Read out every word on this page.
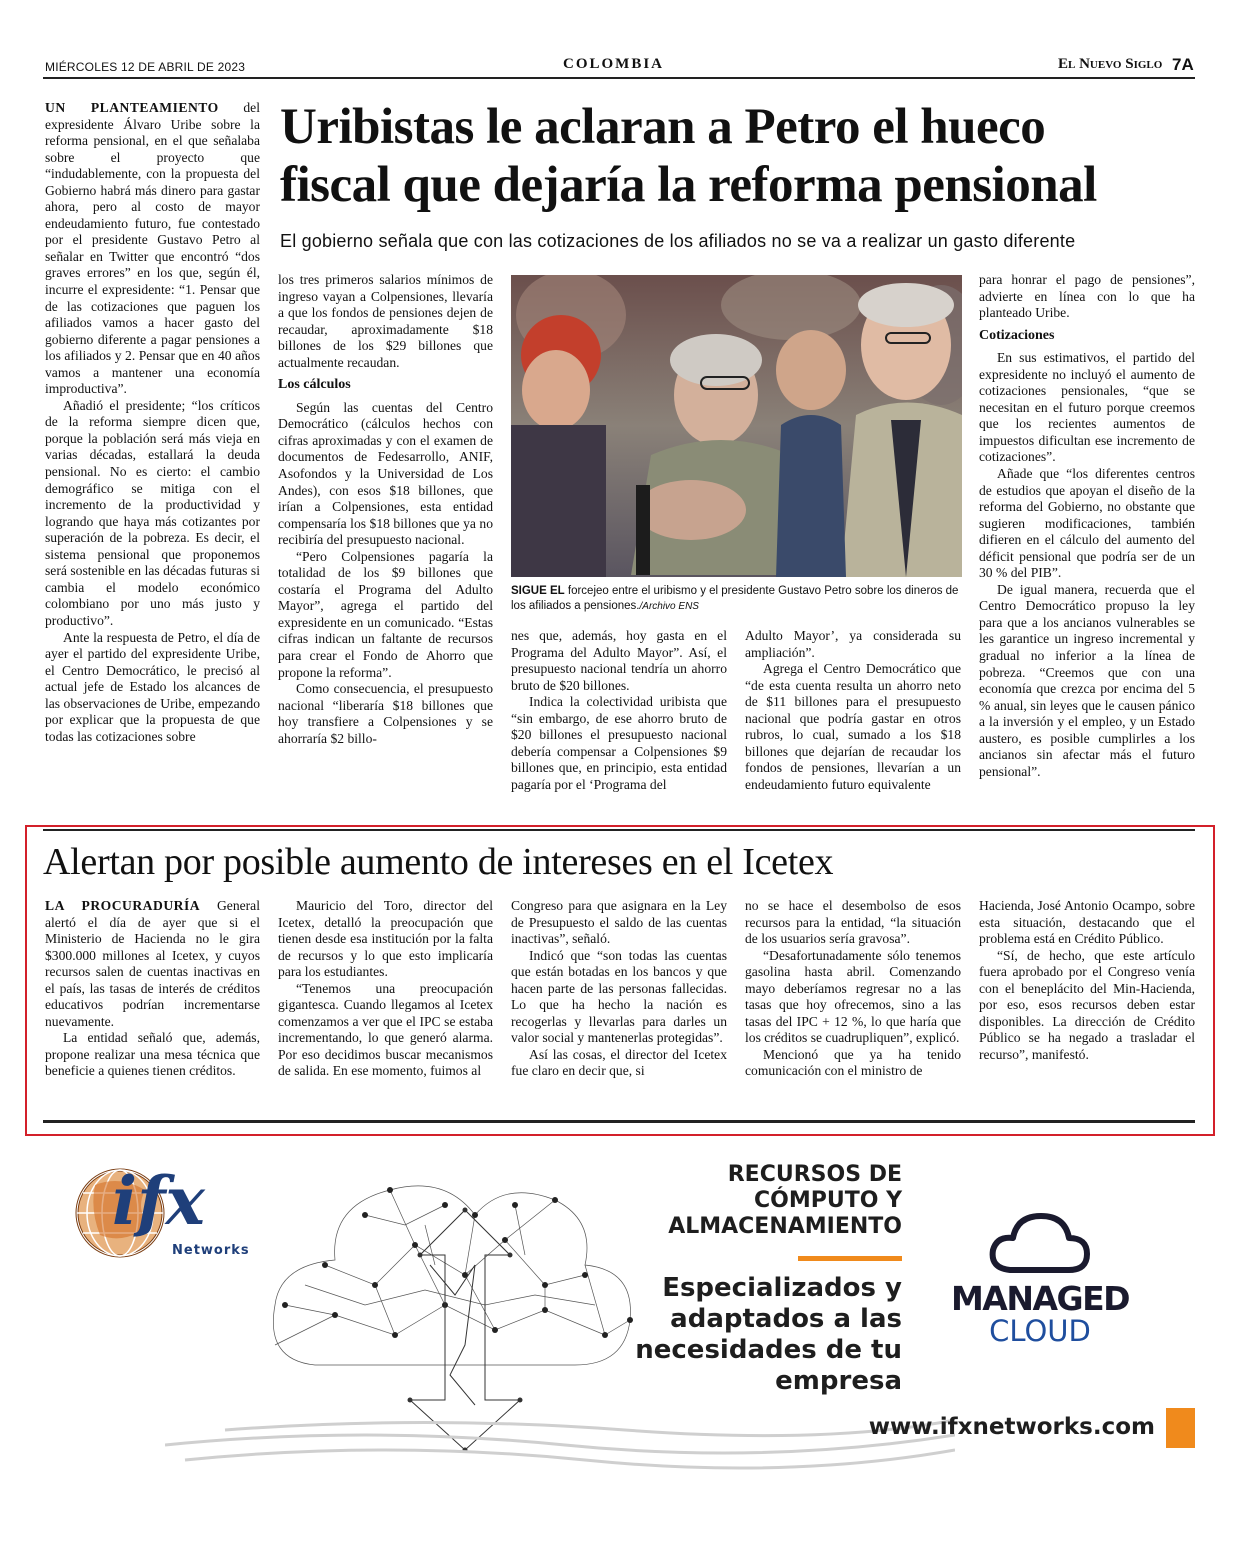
MIÉRCOLES 12 DE ABRIL DE 2023	COLOMBIA	El Nuevo Siglo 7A

UN PLANTEAMIENTO del expresidente Álvaro Uribe sobre la reforma pensional, en el que señalaba sobre el proyecto que “indudablemente, con la propuesta del Gobierno habrá más dinero para gastar ahora, pero al costo de mayor endeudamiento futuro, fue contestado por el presidente Gustavo Petro al señalar en Twitter que encontró “dos graves errores” en los que, según él, incurre el expresidente: “1. Pensar que de las cotizaciones que paguen los afiliados vamos a hacer gasto del gobierno diferente a pagar pensiones a los afiliados y 2. Pensar que en 40 años vamos a mantener una economía improductiva”.

Añadió el presidente; “los críticos de la reforma siempre dicen que, porque la población será más vieja en varias décadas, estallará la deuda pensional. No es cierto: el cambio demográfico se mitiga con el incremento de la productividad y logrando que haya más cotizantes por superación de la pobreza. Es decir, el sistema pensional que proponemos será sostenible en las décadas futuras si cambia el modelo económico colombiano por uno más justo y productivo”.

Ante la respuesta de Petro, el día de ayer el partido del expresidente Uribe, el Centro Democrático, le precisó al actual jefe de Estado los alcances de las observaciones de Uribe, empezando por explicar que la propuesta de que todas las cotizaciones sobre

Uribistas le aclaran a Petro el hueco
fiscal que dejaría la reforma pensional
El gobierno señala que con las cotizaciones de los afiliados no se va a realizar un gasto diferente

los tres primeros salarios mínimos de ingreso vayan a Colpensiones, llevaría a que los fondos de pensiones dejen de recaudar, aproximadamente $18 billones de los $29 billones que actualmente recaudan.

Los cálculos

Según las cuentas del Centro Democrático (cálculos hechos con cifras aproximadas y con el examen de documentos de Fedesarrollo, ANIF, Asofondos y la Universidad de Los Andes), con esos $18 billones, que irían a Colpensiones, esta entidad compensaría los $18 billones que ya no recibiría del presupuesto nacional.

“Pero Colpensiones pagaría la totalidad de los $9 billones que costaría el Programa del Adulto Mayor”, agrega el partido del expresidente en un comunicado. “Estas cifras indican un faltante de recursos para crear el Fondo de Ahorro que propone la reforma”.

Como consecuencia, el presupuesto nacional “liberaría $18 billones que hoy transfiere a Colpensiones y se ahorraría $2 billo-

SIGUE EL forcejeo entre el uribismo y el presidente Gustavo Petro sobre los dineros de los afiliados a pensiones./Archivo ENS

nes que, además, hoy gasta en el Programa del Adulto Mayor”. Así, el presupuesto nacional tendría un ahorro bruto de $20 billones.

Indica la colectividad uribista que “sin embargo, de ese ahorro bruto de $20 billones el presupuesto nacional debería compensar a Colpensiones $9 billones que, en principio, esta entidad pagaría por el ‘Programa del

Adulto Mayor’, ya considerada su ampliación”.

Agrega el Centro Democrático que “de esta cuenta resulta un ahorro neto de $11 billones para el presupuesto nacional que podría gastar en otros rubros, lo cual, sumado a los $18 billones que dejarían de recaudar los fondos de pensiones, llevarían a un endeudamiento futuro equivalente

para honrar el pago de pensiones”, advierte en línea con lo que ha planteado Uribe.

Cotizaciones

En sus estimativos, el partido del expresidente no incluyó el aumento de cotizaciones pensionales, “que se necesitan en el futuro porque creemos que los recientes aumentos de impuestos dificultan ese incremento de cotizaciones”.

Añade que “los diferentes centros de estudios que apoyan el diseño de la reforma del Gobierno, no obstante que sugieren modificaciones, también difieren en el cálculo del aumento del déficit pensional que podría ser de un 30 % del PIB”.

De igual manera, recuerda que el Centro Democrático propuso la ley para que a los ancianos vulnerables se les garantice un ingreso incremental y gradual no inferior a la línea de pobreza. “Creemos que con una economía que crezca por encima del 5 % anual, sin leyes que le causen pánico a la inversión y el empleo, y un Estado austero, es posible cumplirles a los ancianos sin afectar más el futuro pensional”.

Alertan por posible aumento de intereses en el Icetex

LA PROCURADURÍA General alertó el día de ayer que si el Ministerio de Hacienda no le gira $300.000 millones al Icetex, y cuyos recursos salen de cuentas inactivas en el país, las tasas de interés de créditos educativos podrían incrementarse nuevamente.

La entidad señaló que, además, propone realizar una mesa técnica que beneficie a quienes tienen créditos.

Mauricio del Toro, director del Icetex, detalló la preocupación que tienen desde esa institución por la falta de recursos y lo que esto implicaría para los estudiantes.

“Tenemos una preocupación gigantesca. Cuando llegamos al Icetex comenzamos a ver que el IPC se estaba incrementando, lo que generó alarma. Por eso decidimos buscar mecanismos de salida. En ese momento, fuimos al

Congreso para que asignara en la Ley de Presupuesto el saldo de las cuentas inactivas”, señaló.

Indicó que “son todas las cuentas que están botadas en los bancos y que hacen parte de las personas fallecidas. Lo que ha hecho la nación es recogerlas y llevarlas para darles un valor social y mantenerlas protegidas”.

Así las cosas, el director del Icetex fue claro en decir que, si

no se hace el desembolso de esos recursos para la entidad, “la situación de los usuarios sería gravosa”.

“Desafortunadamente sólo tenemos gasolina hasta abril. Comenzando mayo deberíamos regresar no a las tasas que hoy ofrecemos, sino a las tasas del IPC + 12 %, lo que haría que los créditos se cuadrupliquen”, explicó.

Mencionó que ya ha tenido comunicación con el ministro de

Hacienda, José Antonio Ocampo, sobre esta situación, destacando que el problema está en Crédito Público.

“Sí, de hecho, que este artículo fuera aprobado por el Congreso venía con el beneplácito del Min-Hacienda, por eso, esos recursos deben estar disponibles. La dirección de Crédito Público se ha negado a trasladar el recurso”, manifestó.

ifx
Networks
RECURSOS DE
CÓMPUTO Y
ALMACENAMIENTO
Especializados y
adaptados a las
necesidades de tu
empresa
MANAGED
CLOUD
www.ifxnetworks.com
